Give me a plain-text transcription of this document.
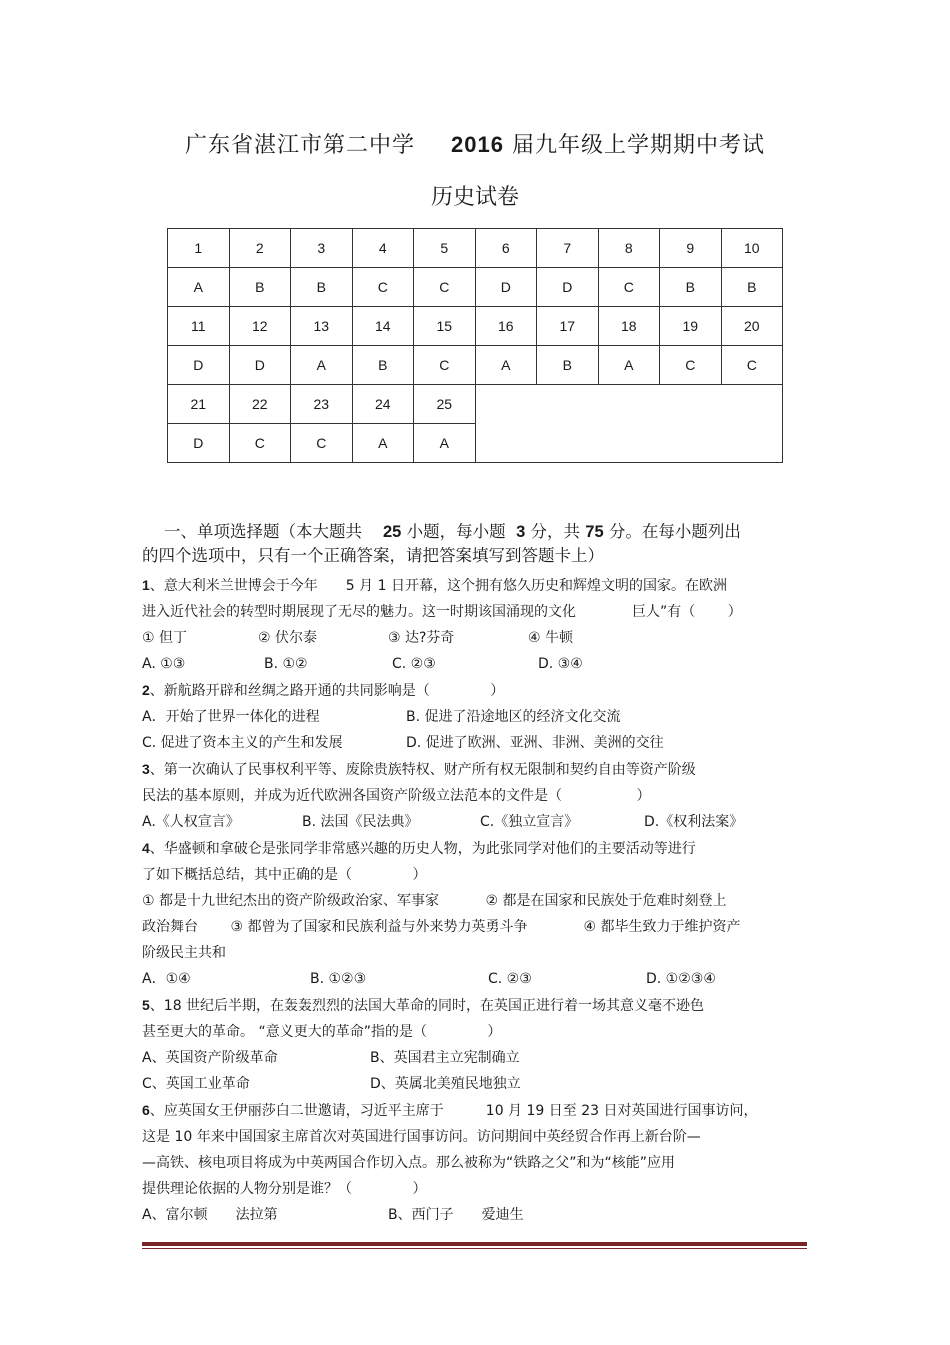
广东省湛江市第二中学 2016 届九年级上学期期中考试
历史试卷
1	2	3	4	5	6	7	8	9	10
A	B	B	C	C	D	D	C	B	B
11	12	13	14	15	16	17	18	19	20
D	D	A	B	C	A	B	A	C	C
21	22	23	24	25					
D	C	C	A	A					
一、单项选择题（本大题共 25 小题，每小题 3 分，共 75 分。在每小题列出
的四个选项中，只有一个正确答案，请把答案填写到答题卡上）

1、意大利米兰世博会于今年　　5 月 1 日开幕，这个拥有悠久历史和辉煌文明的国家。在欧洲

进入近代社会的转型时期展现了无尽的魅力。这一时期该国涌现的文化　　　　巨人”有（　　 ）

① 但丁	② 伏尔泰	③ 达?芬奇	④ 牛顿
A. ①③	B. ①②	C. ②③	D. ③④

2、新航路开辟和丝绸之路开通的共同影响是（　　　　 ）

A．开始了世界一体化的进程	B. 促进了沿途地区的经济文化交流
C. 促进了资本主义的产生和发展	D. 促进了欧洲、亚洲、非洲、美洲的交往

3、第一次确认了民事权利平等、废除贵族特权、财产所有权无限制和契约自由等资产阶级

民法的基本原则，并成为近代欧洲各国资产阶级立法范本的文件是（　　　　　 ）

A.《人权宣言》	B. 法国《民法典》	C.《独立宣言》	D.《权利法案》

4、华盛顿和拿破仑是张同学非常感兴趣的历史人物，为此张同学对他们的主要活动等进行

了如下概括总结，其中正确的是（　　　　 ）

① 都是十九世纪杰出的资产阶级政治家、军事家　　　 ② 都是在国家和民族处于危难时刻登上

政治舞台　　 ③ 都曾为了国家和民族利益与外来势力英勇斗争　　　　④ 都毕生致力于维护资产

阶级民主共和

A．①④	B. ①②③	C. ②③	D. ①②③④

5、18 世纪后半期，在轰轰烈烈的法国大革命的同时，在英国正进行着一场其意义毫不逊色

甚至更大的革命。 “意义更大的革命”指的是（　　　　 ）

A、英国资产阶级革命	B、英国君主立宪制确立
C、英国工业革命	D、英属北美殖民地独立

6、应英国女王伊丽莎白二世邀请，习近平主席于　　　10 月 19 日至 23 日对英国进行国事访问，

这是 10 年来中国国家主席首次对英国进行国事访问。访问期间中英经贸合作再上新台阶—

—高铁、核电项目将成为中英两国合作切入点。那么被称为“铁路之父”和为“核能”应用

提供理论依据的人物分别是谁？（　　　　 ）

A、富尔顿　　法拉第	B、西门子　　爱迪生
